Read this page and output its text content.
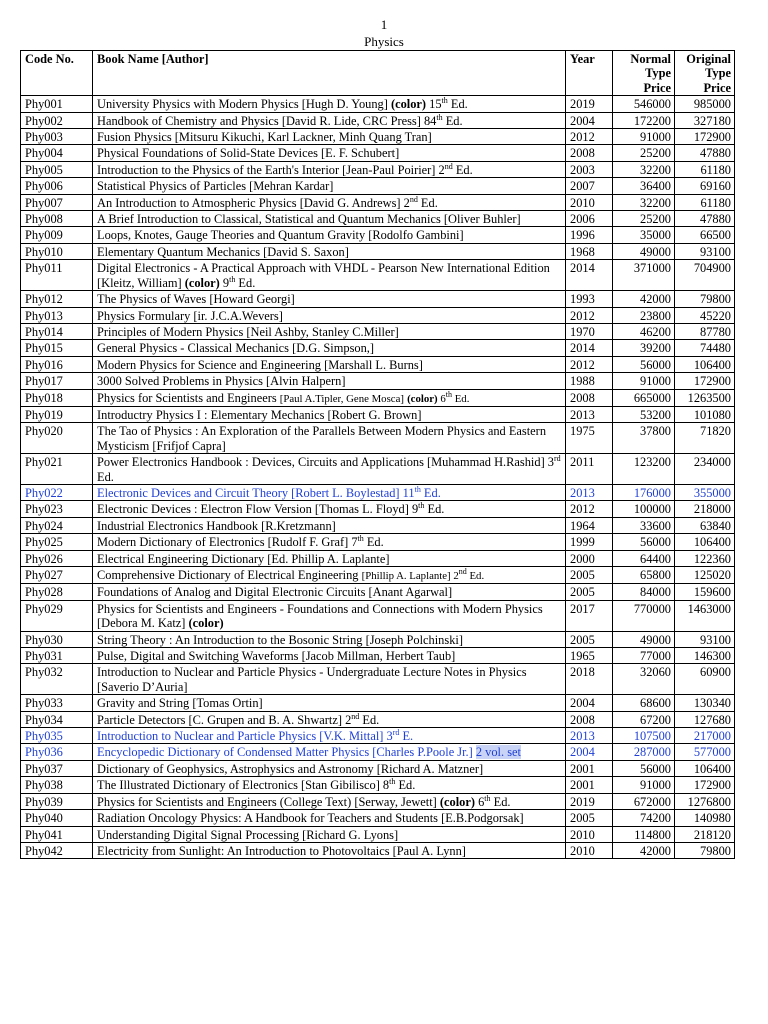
1
Physics
Code No.	Book Name [Author]	Year	Normal
Type
Price	Original
Type
Price

Phy001	University Physics with Modern Physics [Hugh D. Young] (color) 15th Ed.	2019	546000	985000
Phy002	Handbook of Chemistry and Physics [David R. Lide, CRC Press] 84th Ed.	2004	172200	327180
Phy003	Fusion Physics [Mitsuru Kikuchi, Karl Lackner, Minh Quang Tran]	2012	91000	172900
Phy004	Physical Foundations of Solid-State Devices [E. F. Schubert]	2008	25200	47880
Phy005	Introduction to the Physics of the Earth's Interior [Jean-Paul Poirier] 2nd Ed.	2003	32200	61180
Phy006	Statistical Physics of Particles [Mehran Kardar]	2007	36400	69160
Phy007	An Introduction to Atmospheric Physics [David G. Andrews] 2nd Ed.	2010	32200	61180
Phy008	A Brief Introduction to Classical, Statistical and Quantum Mechanics [Oliver Buhler]	2006	25200	47880
Phy009	Loops, Knotes, Gauge Theories and Quantum Gravity [Rodolfo Gambini]	1996	35000	66500
Phy010	Elementary Quantum Mechanics [David S. Saxon]	1968	49000	93100
Phy011	Digital Electronics - A Practical Approach with VHDL - Pearson New International Edition [Kleitz, William] (color) 9th Ed.	2014	371000	704900
Phy012	The Physics of Waves [Howard Georgi]	1993	42000	79800
Phy013	Physics Formulary [ir. J.C.A.Wevers]	2012	23800	45220
Phy014	Principles of Modern Physics [Neil Ashby, Stanley C.Miller]	1970	46200	87780
Phy015	General Physics - Classical Mechanics [D.G. Simpson,]	2014	39200	74480
Phy016	Modern Physics for Science and Engineering [Marshall L. Burns]	2012	56000	106400
Phy017	3000 Solved Problems in Physics [Alvin Halpern]	1988	91000	172900
Phy018	Physics for Scientists and Engineers [Paul A.Tipler, Gene Mosca] (color) 6th Ed.	2008	665000	1263500
Phy019	Introductry Physics I : Elementary Mechanics [Robert G. Brown]	2013	53200	101080
Phy020	The Tao of Physics : An Exploration of the Parallels Between Modern Physics and Eastern Mysticism [Frifjof Capra]	1975	37800	71820
Phy021	Power Electronics Handbook : Devices, Circuits and Applications [Muhammad H.Rashid] 3rd Ed.	2011	123200	234000
Phy022	Electronic Devices and Circuit Theory [Robert L. Boylestad] 11th Ed.	2013	176000	355000
Phy023	Electronic Devices : Electron Flow Version [Thomas L. Floyd] 9th Ed.	2012	100000	218000
Phy024	Industrial Electronics Handbook [R.Kretzmann]	1964	33600	63840
Phy025	Modern Dictionary of Electronics [Rudolf F. Graf] 7th Ed.	1999	56000	106400
Phy026	Electrical Engineering Dictionary [Ed. Phillip A. Laplante]	2000	64400	122360
Phy027	Comprehensive Dictionary of Electrical Engineering [Phillip A. Laplante] 2nd Ed.	2005	65800	125020
Phy028	Foundations of Analog and Digital Electronic Circuits [Anant Agarwal]	2005	84000	159600
Phy029	Physics for Scientists and Engineers - Foundations and Connections with Modern Physics [Debora M. Katz] (color)	2017	770000	1463000
Phy030	String Theory : An Introduction to the Bosonic String [Joseph Polchinski]	2005	49000	93100
Phy031	Pulse, Digital and Switching Waveforms [Jacob Millman, Herbert Taub]	1965	77000	146300
Phy032	Introduction to Nuclear and Particle Physics - Undergraduate Lecture Notes in Physics [Saverio D’Auria]	2018	32060	60900
Phy033	Gravity and String [Tomas Ortin]	2004	68600	130340
Phy034	Particle Detectors [C. Grupen and B. A. Shwartz] 2nd Ed.	2008	67200	127680
Phy035	Introduction to Nuclear and Particle Physics [V.K. Mittal] 3rd E.	2013	107500	217000
Phy036	Encyclopedic Dictionary of Condensed Matter Physics [Charles P.Poole Jr.] 2 vol. set	2004	287000	577000
Phy037	Dictionary of Geophysics, Astrophysics and Astronomy [Richard A. Matzner]	2001	56000	106400
Phy038	The Illustrated Dictionary of Electronics [Stan Gibilisco] 8th Ed.	2001	91000	172900
Phy039	Physics for Scientists and Engineers (College Text) [Serway, Jewett] (color) 6th Ed.	2019	672000	1276800
Phy040	Radiation Oncology Physics: A Handbook for Teachers and Students [E.B.Podgorsak]	2005	74200	140980
Phy041	Understanding Digital Signal Processing [Richard G. Lyons]	2010	114800	218120
Phy042	Electricity from Sunlight: An Introduction to Photovoltaics [Paul A. Lynn]	2010	42000	79800
